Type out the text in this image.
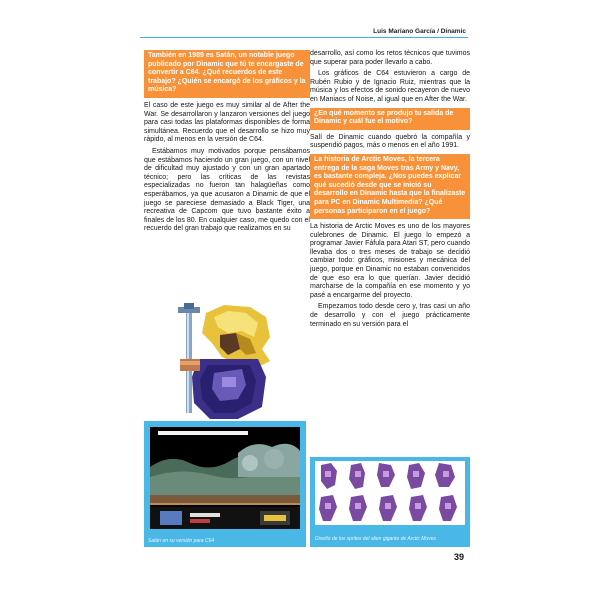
Luis Mariano García / Dinamic
También en 1989 es Satán, un notable juego publicado por Dinamic que tú te encargaste de convertir a C64. ¿Qué recuerdos de este trabajo? ¿Quién se encargó de los gráficos y la música?
El caso de este juego es muy similar al de After the War. Se desarrollaron y lanzaron versiones del juego para casi todas las plataformas disponibles de forma simultánea. Recuerdo que el desarrollo se hizo muy rápido, al menos en la versión de C64.
Estábamos muy motivados porque pensábamos que estábamos haciendo un gran juego, con un nivel de dificultad muy ajustado y con un gran apartado técnico; pero las críticas de las revistas especializadas no fueron tan halagüeñas como esperábamos, ya que acusaron a Dinamic de que el juego se pareciese demasiado a Black Tiger, una recreativa de Capcom que tuvo bastante éxito a finales de los 80. En cualquier caso, me quedo con el recuerdo del gran trabajo que realizamos en su
Satán en su versión para C64
desarrollo, así como los retos técnicos que tuvimos que superar para poder llevarlo a cabo.
Los gráficos de C64 estuvieron a cargo de Rubén Rubio y de Ignacio Ruiz, mientras que la música y los efectos de sonido recayeron de nuevo en Maniacs of Noise, al igual que en After the War.
¿En qué momento se produjo tu salida de Dinamic y cuál fue el motivo?
Salí de Dinamic cuando quebró la compañía y suspendió pagos, más o menos en el año 1991.
La historia de Arctic Moves, la tercera entrega de la saga Moves tras Army y Navy, es bastante compleja. ¿Nos puedes explicar qué sucedió desde que se inició su desarrollo en Dinamic hasta que la finalizaste para PC en Dinamic Multimedia? ¿Qué personas participaron en el juego?
La historia de Arctic Moves es uno de los mayores culebrones de Dinamic. El juego lo empezó a programar Javier Fáfula para Atari ST, pero cuando llevaba dos o tres meses de trabajo se decidió cambiar todo: gráficos, misiones y mecánica del juego, porque en Dinamic no estaban convencidos de que eso era lo que querían. Javier decidió marcharse de la compañía en ese momento y yo pasé a encargarme del proyecto.
Empezamos todo desde cero y, tras casi un año de desarrollo y con el juego prácticamente terminado en su versión para el
Diseño de los sprites del alien gigante de Arctic Moves
39
